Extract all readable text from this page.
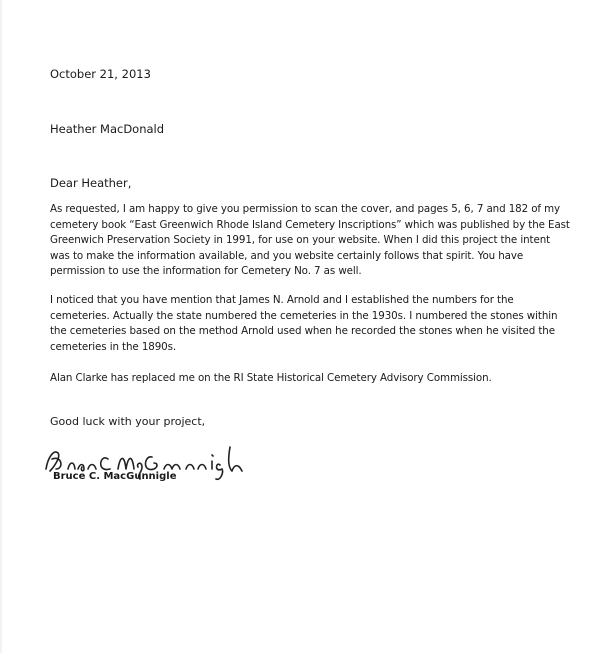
October 21, 2013
Heather MacDonald
Dear Heather,
As requested, I am happy to give you permission to scan the cover, and pages 5, 6, 7 and 182 of my cemetery book “East Greenwich Rhode Island Cemetery Inscriptions” which was published by the East Greenwich Preservation Society in 1991, for use on your website. When I did this project the intent was to make the information available, and you website certainly follows that spirit. You have permission to use the information for Cemetery No. 7 as well.
I noticed that you have mention that James N. Arnold and I established the numbers for the cemeteries. Actually the state numbered the cemeteries in the 1930s. I numbered the stones within the cemeteries based on the method Arnold used when he recorded the stones when he visited the cemeteries in the 1890s.
Alan Clarke has replaced me on the RI State Historical Cemetery Advisory Commission.
Good luck with your project,
Bruce C. MacGunnigle
